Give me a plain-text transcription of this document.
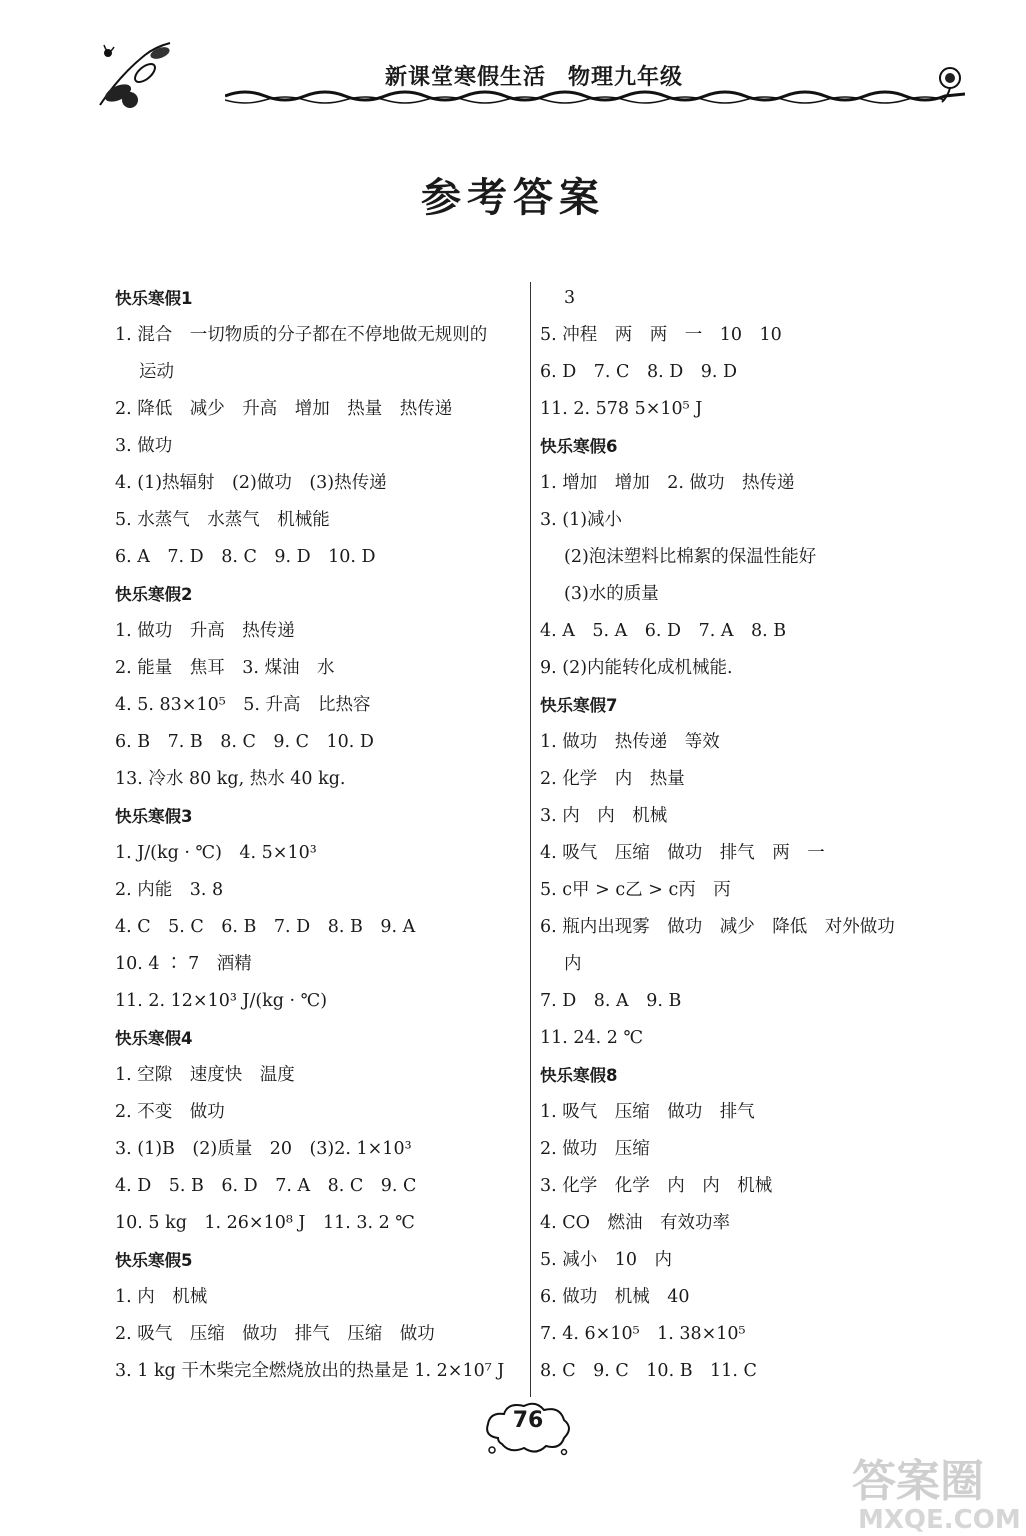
新课堂寒假生活 物理九年级
参考答案
快乐寒假1
1. 混合　一切物质的分子都在不停地做无规则的
运动
2. 降低　减少　升高　增加　热量　热传递
3. 做功
4. (1)热辐射　(2)做功　(3)热传递
5. 水蒸气　水蒸气　机械能
6. A　7. D　8. C　9. D　10. D
快乐寒假2
1. 做功　升高　热传递
2. 能量　焦耳　3. 煤油　水
4. 5. 83×10⁵　5. 升高　比热容
6. B　7. B　8. C　9. C　10. D
13. 冷水 80 kg, 热水 40 kg.
快乐寒假3
1. J/(kg · ℃)　4. 5×10³
2. 内能　3. 8
4. C　5. C　6. B　7. D　8. B　9. A
10. 4 ∶ 7　酒精
11. 2. 12×10³ J/(kg · ℃)
快乐寒假4
1. 空隙　速度快　温度
2. 不变　做功
3. (1)B　(2)质量　20　(3)2. 1×10³
4. D　5. B　6. D　7. A　8. C　9. C
10. 5 kg　1. 26×10⁸ J　11. 3. 2 ℃
快乐寒假5
1. 内　机械
2. 吸气　压缩　做功　排气　压缩　做功
3. 1 kg 干木柴完全燃烧放出的热量是 1. 2×10⁷ J
3
5. 冲程　两　两　一　10　10
6. D　7. C　8. D　9. D
11. 2. 578 5×10⁵ J
快乐寒假6
1. 增加　增加　2. 做功　热传递
3. (1)减小
(2)泡沫塑料比棉絮的保温性能好
(3)水的质量
4. A　5. A　6. D　7. A　8. B
9. (2)内能转化成机械能.
快乐寒假7
1. 做功　热传递　等效
2. 化学　内　热量
3. 内　内　机械
4. 吸气　压缩　做功　排气　两　一
5. c甲 > c乙 > c丙　丙
6. 瓶内出现雾　做功　减少　降低　对外做功
内
7. D　8. A　9. B
11. 24. 2 ℃
快乐寒假8
1. 吸气　压缩　做功　排气
2. 做功　压缩
3. 化学　化学　内　内　机械
4. CO　燃油　有效功率
5. 减小　10　内
6. 做功　机械　40
7. 4. 6×10⁵　1. 38×10⁵
8. C　9. C　10. B　11. C
76
答案圈
MXQE.COM
